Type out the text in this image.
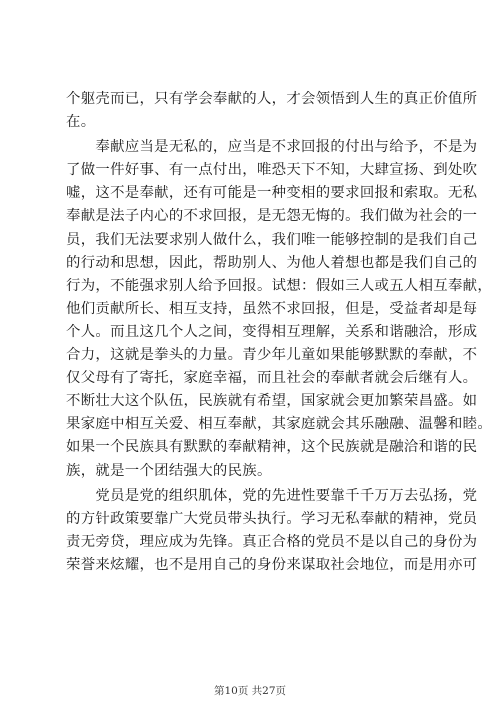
个躯壳而已，只有学会奉献的人，才会领悟到人生的真正价值所
在。
　　奉献应当是无私的，应当是不求回报的付出与给予，不是为
了做一件好事、有一点付出，唯恐天下不知，大肆宣扬、到处吹
嘘，这不是奉献，还有可能是一种变相的要求回报和索取。无私
奉献是法子内心的不求回报，是无怨无悔的。我们做为社会的一
员，我们无法要求别人做什么，我们唯一能够控制的是我们自己
的行动和思想，因此，帮助别人、为他人着想也都是我们自己的
行为，不能强求别人给予回报。试想：假如三人或五人相互奉献，
他们贡献所长、相互支持，虽然不求回报，但是，受益者却是每
个人。而且这几个人之间，变得相互理解，关系和谐融洽，形成
合力，这就是拳头的力量。青少年儿童如果能够默默的奉献，不
仅父母有了寄托，家庭幸福，而且社会的奉献者就会后继有人。
不断壮大这个队伍，民族就有希望，国家就会更加繁荣昌盛。如
果家庭中相互关爱、相互奉献，其家庭就会其乐融融、温馨和睦。
如果一个民族具有默默的奉献精神，这个民族就是融洽和谐的民
族，就是一个团结强大的民族。
　　党员是党的组织肌体，党的先进性要靠千千万万去弘扬，党
的方针政策要靠广大党员带头执行。学习无私奉献的精神，党员
责无旁贷，理应成为先锋。真正合格的党员不是以自己的身份为
荣誉来炫耀，也不是用自己的身份来谋取社会地位，而是用亦可
第10页 共27页
